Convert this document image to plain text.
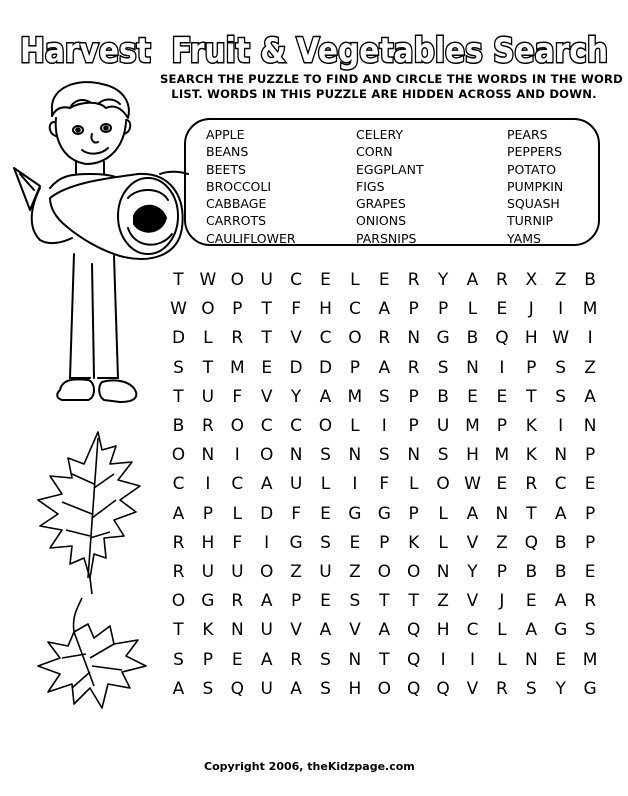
Harvest  Fruit & Vegetables Search
SEARCH THE PUZZLE TO FIND AND CIRCLE THE WORDS IN THE WORD
LIST. WORDS IN THIS PUZZLE ARE HIDDEN ACROSS AND DOWN.
APPLE
BEANS
BEETS
BROCCOLI
CABBAGE
CARROTS
CAULIFLOWER
CELERY
CORN
EGGPLANT
FIGS
GRAPES
ONIONS
PARSNIPS
PEARS
PEPPERS
POTATO
PUMPKIN
SQUASH
TURNIP
YAMS
T W O U	C	E	L	E	R	Y	A	R	X	Z	B
W O	P	T	F	H	C	A	P	P	L	E	J	I	M
D	L	R	T	V	C O R	N G B Q H W	I
S	T M E	D D	P	A	R	S	N	I	P	S	Z
T	U	F	V	Y	A M S	P	B	E	E	T	S	A
B	R O C	C O	L	I	P	U M P	K	I	N
O N	I	O N	S	N	S	N	S	H M K	N	P
C	I	C	A	U	L	I	F	L	O W E	R	C	E
A	P	L	D	F	E	G G	P	L	A	N	T	A	P
R	H	F	I	G	S	E	P	K	L	V	Z Q B	P
R	U U O Z	U	Z O O N	Y	P	B	B	E
O G R	A	P	E	S	T	T	Z	V	J	E	A	R
T	K	N U	V	A	V	A Q H	C	L	A G	S
S	P	E	A	R	S	N	T	Q	I	I	L	N	E M
A	S	Q U	A	S	H O Q Q V	R	S	Y	G
Copyright 2006, theKidzpage.com
